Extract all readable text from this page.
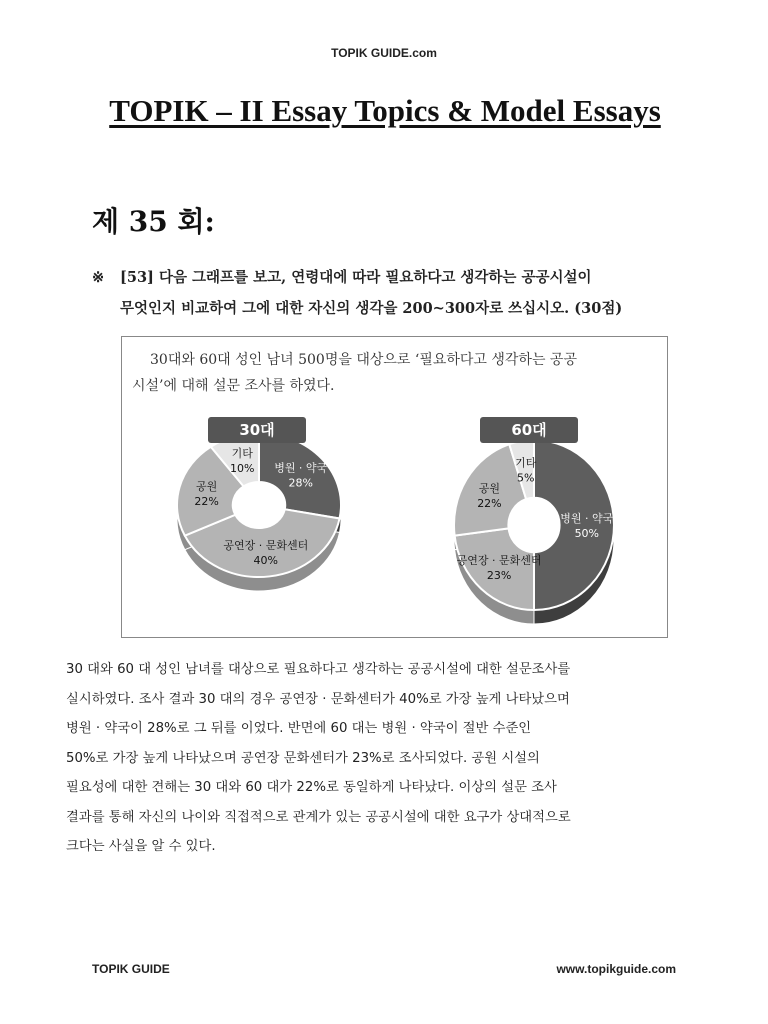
TOPIK GUIDE.com
TOPIK – II Essay Topics & Model Essays
제 35 회:
※ [53] 다음 그래프를 보고, 연령대에 따라 필요하다고 생각하는 공공시설이
무엇인지 비교하여 그에 대한 자신의 생각을 200~300자로 쓰십시오. (30점)
30대와 60대 성인 남녀 500명을 대상으로 ‘필요하다고 생각하는 공공
시설’에 대해 설문 조사를 하였다.
병원 · 약국
28%
공연장 · 문화센터
40%
공원
22%
기타
10%
30대
병원 · 약국
50%
공연장 · 문화센터
23%
공원
22%
기타
5%
60대

30 대와 60 대 성인 남녀를 대상으로 필요하다고 생각하는 공공시설에 대한 설문조사를

실시하였다. 조사 결과 30 대의 경우 공연장 · 문화센터가 40%로 가장 높게 나타났으며

병원 · 약국이 28%로 그 뒤를 이었다. 반면에 60 대는 병원 · 약국이 절반 수준인

50%로 가장 높게 나타났으며 공연장 문화센터가 23%로 조사되었다. 공원 시설의

필요성에 대한 견해는 30 대와 60 대가 22%로 동일하게 나타났다. 이상의 설문 조사

결과를 통해 자신의 나이와 직접적으로 관계가 있는 공공시설에 대한 요구가 상대적으로

크다는 사실을 알 수 있다.

TOPIK GUIDE	www.topikguide.com
